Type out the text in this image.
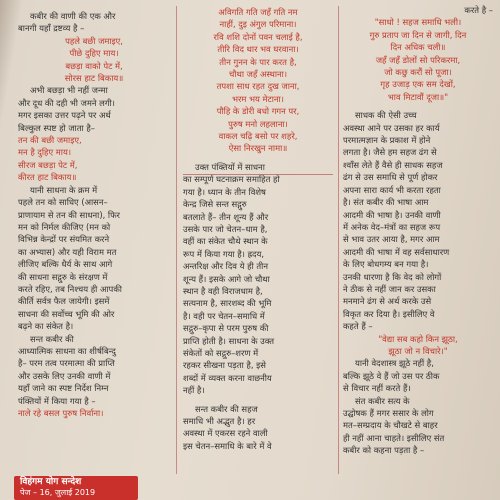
कबीर की वाणी की एक और
बानगी यहाँ द्रष्टव्य है –
पहले बछी जमाइए,
पीछे दुहिए माय।
बछड़ा वाको पेट में,
सोरस हाट बिकाय॥
अभी बछड़ा भी नहीं जन्मा
और दूध की दही भी जमने लगी।
मगर इसका उत्तर पढ़ने पर अर्थ
बिल्कुल स्पष्ट हो जाता है–
तन की बछी जमाइए,
मन है दुहिए माय।
सीरज बछड़ा पेट में,
कीरत हाट बिकाय॥
यानी साधना के क्रम में
पहले तन को साधिए (आसन–
प्राणायाम से तन की साधना), फिर
मन को निर्मल कीजिए (मन को
विभिन्न केन्द्रों पर संयमित करने
का अभ्यास) और यही विराम मत
लीजिए बल्कि धैर्य के साथ आगे
की साधना सद्गुरु के संरक्षण में
करते रहिए, तब निश्चय ही आपकी
कीर्ति सर्वत्र फैल जायेगी। इसमें
साधना की सर्वोच्च भूमि की ओर
बढ़ने का संकेत है।
सन्त कबीर की
आध्यात्मिक साधना का शीर्षबिन्दु
है– परम तत्व परमात्मा की प्राप्ति
और उसके लिए उनकी वाणी में
यहाँ जाने का स्पष्ट निर्देश निम्न
पंक्तियों में किया गया है –
नाले रहे बसल पुरुष निर्वाना।
अविगति गति जहँ गति नम
नाहीं, दुइ अंगुल परिमाना।
रवि शशि दोनों पवन चलाई है,
तीरि विद थार भव घरवाना।
तीन गुनन के पार करत है,
चौथा जहँ अस्थाना।
तपशा साध रहत दुख जाना,
भरम भय मेटाना।
पौहि के डोरी बधो गगन पर,
पुरुष मनो लहलाना।
वाकल चढ़ि बसो पर शहरे,
ऐसा निरखुन नामा॥
उक्त पंक्तियों में साधना
का सम्पूर्ण घटनाक्रम समाहित हो
गया है। ध्यान के तीन विशेष
केन्द्र जिसे सन्त सद्गुरु
बतलाते हैं– तीन शून्य हैं और
उसके पार जो चेतन–धाम है,
वहीं का संकेत चौथे स्थान के
रूप में किया गया है। ह्रदय,
अन्तरिक्ष और दिव ये ही तीन
शून्य हैं। इसके आगे जो चौथा
स्थान है वही विराजधाम है,
सत्यनाम है, सारशब्द की भूमि
है। वही पर चेतन–समाधि में
सद्गुरु–कृपा से परम पुरुष की
प्राप्ति होती है। साधना के उक्त
संकेतों को सद्गुरु–शरण में
रहकर सीखना पड़ता है, इसे
शब्दों में व्यक्त करना वाछनीय
नहीं है।
सन्त कबीर की सहज
समाधि भी अद्भुत है। हर
अवस्था में एकरस रहने वाली
इस चेतन–समाधि के बारे में वे
करते है –
"साधो ! सहज समाधि भली।
गुरु प्रताप जा दिन से जागी, दिन
दिन अधिक चली॥
जहँ जहँ डोलों सो परिकरमा,
जो कछु करौं सो पूजा।
गृह उजाड़ एक सम देखों,
भाव मिटावौं दूजा॥"
साधक की ऐसी उच्च
अवस्था आने पर उसका हर कार्य
परमात्मज्ञान के प्रकाश में होने
लगता है। जैसे हम सहज ढंग से
श्वाँस लेते हैं वैसे ही साधक सहज
ढंग से उस समाधि से पूर्ण होकर
अपना सारा कार्य भी करता रहता
है। संत कबीर की भाषा आम
आदमी की भाषा है। उनकी वाणी
में अनेक वेद–मंत्रों का सहज रूप
से भाव उतर आया है, मगर आम
आदमी की भाषा में वह सर्वसाधारण
के लिए बोधगम्य बन गया है।
उनकी धारणा है कि वेद को लोगों
ने ठीक से नहीं जान कर उसका
मनमाने ढंग से अर्थ करके उसे
विकृत कर दिया है। इसीलिए वे
कहते हैं –
"वेद्या सब कहो किन झूठा,
झूठा जो न विचारे।"
यानी वेदशास्त्र झूठे नहीं है,
बल्कि झूठे वे हैं जो उस पर ठीक
से विचार नहीं करते हैं।
संत कबीर सत्य के
उद्घोषक हैं मगर ससार के लोग
मत–सम्प्रदाय के चौखटे से बाहर
ही नहीं आना चाहते। इसीलिए संत
कबीर को कहना पड़ता है –
विहंगम योग सन्देश
पेज – 16, जुलाई 2019
